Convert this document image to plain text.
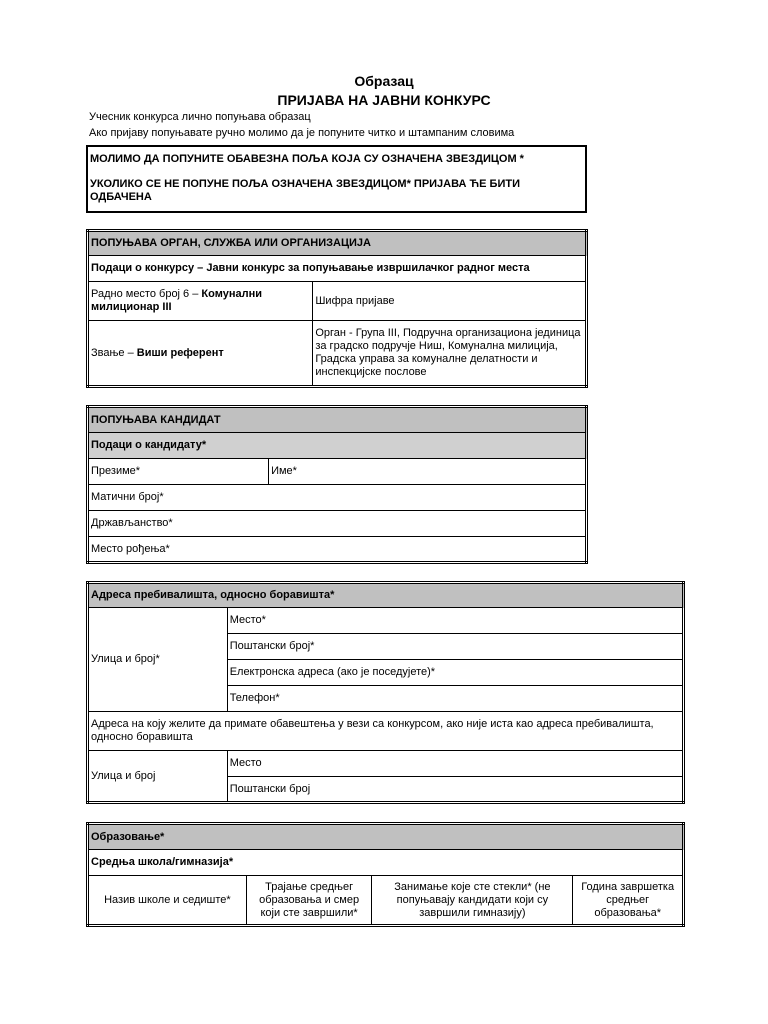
Образац
ПРИЈАВА НА ЈАВНИ КОНКУРС
Учесник конкурса лично попуњава образац
Ако пријаву попуњавате ручно молимо да је попуните читко и штампаним словима
МОЛИМО ДА ПОПУНИТЕ ОБАВЕЗНА ПОЉА КОЈА СУ ОЗНАЧЕНА ЗВЕЗДИЦОМ *
УКОЛИКО СЕ НЕ ПОПУНЕ ПОЉА ОЗНАЧЕНА ЗВЕЗДИЦОМ* ПРИЈАВА ЋЕ БИТИ
ОДБАЧЕНА
ПОПУЊАВА ОРГАН, СЛУЖБА ИЛИ ОРГАНИЗАЦИЈА	
Подаци о конкурсу – Јавни конкурс за попуњавање извршилачког радног места	
Радно место број 6 – Комунални милиционар III	Шифра пријаве
Звање – Виши референт	Орган - Група III, Подручна организациона јединица за градско подручје Ниш, Комунална милиција, Градска управа за комуналне делатности и инспекцијске послове
ПОПУЊАВА КАНДИДАТ
Подаци о кандидату*
Презиме*	Име*
Матични број*
Држављанство*
Место рођења*
Адреса пребивалишта, односно боравишта*	
Улица и број*	Место*
	Поштански број*
	Електронска адреса (ако је поседујете)*
	Телефон*
Адреса на коју желите да примате обавештења у вези са конкурсом, ако није иста као адреса пребивалишта, односно боравишта	
Улица и број	Место
	Поштански број
Образовање*
Средња школа/гимназија*
Назив школе и седиште*	Трајање средњег образовања и смер који сте завршили*	Занимање које сте стекли* (не попуњавају кандидати који су завршили гимназију)	Година завршетка средњег образовања*
